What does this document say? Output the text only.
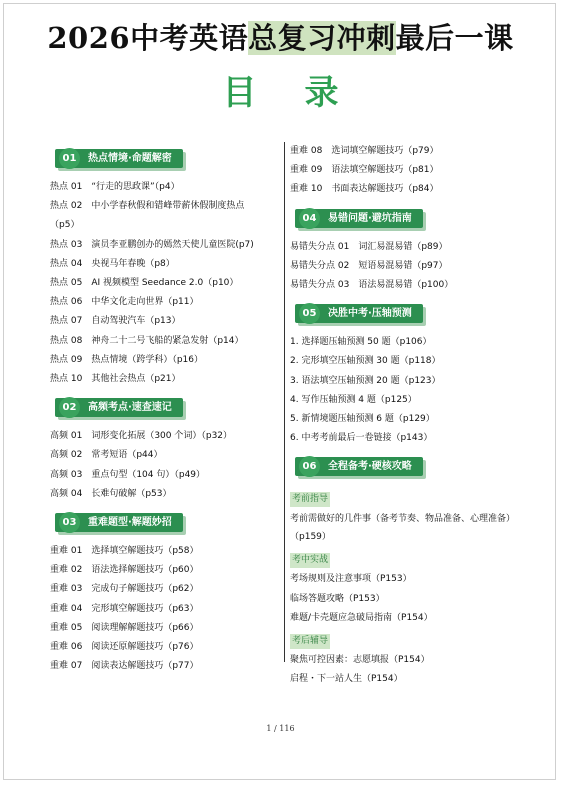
2026中考英语总复习冲刺最后一课
目录
01	热点情境·命题解密
热点 01　“行走的思政课”（p4）
热点 02　中小学春秋假和错峰带薪休假制度热点
（p5）
热点 03　演员李亚鹏创办的嫣然天使儿童医院(p7)
热点 04　央视马年春晚（p8）
热点 05　AI 视频模型 Seedance 2.0（p10）
热点 06　中华文化走向世界（p11）
热点 07　自动驾驶汽车（p13）
热点 08　神舟二十二号飞船的紧急发射（p14）
热点 09　热点情境（跨学科）（p16）
热点 10　其他社会热点（p21）
02	高频考点·速查速记
高频 01　词形变化拓展（300 个词）（p32）
高频 02　常考短语（p44）
高频 03　重点句型（104 句）（p49）
高频 04　长难句破解（p53）
03	重难题型·解题妙招
重难 01　选择填空解题技巧（p58）
重难 02　语法选择解题技巧（p60）
重难 03　完成句子解题技巧（p62）
重难 04　完形填空解题技巧（p63）
重难 05　阅读理解解题技巧（p66）
重难 06　阅读还原解题技巧（p76）
重难 07　阅读表达解题技巧（p77）
重难 08　选词填空解题技巧（p79）
重难 09　语法填空解题技巧（p81）
重难 10　书面表达解题技巧（p84）
04	易错问题·避坑指南
易错失分点 01　词汇易混易错（p89）
易错失分点 02　短语易混易错（p97）
易错失分点 03　语法易混易错（p100）
05	决胜中考·压轴预测
1. 选择题压轴预测 50 题（p106）
2. 完形填空压轴预测 30 题（p118）
3. 语法填空压轴预测 20 题（p123）
4. 写作压轴预测 4 题（p125）
5. 新情境题压轴预测 6 题（p129）
6. 中考考前最后一卷链接（p143）
06	全程备考·硬核攻略
考前指导
考前需做好的几件事（备考节奏、物品准备、心理准备）（p159）
考中实战
考场规则及注意事项（P153）
临场答题攻略（P153）
难题/卡壳题应急破局指南（P154）
考后辅导
聚焦可控因素：志愿填报（P154）
启程・下一站人生（P154）
1 / 116
